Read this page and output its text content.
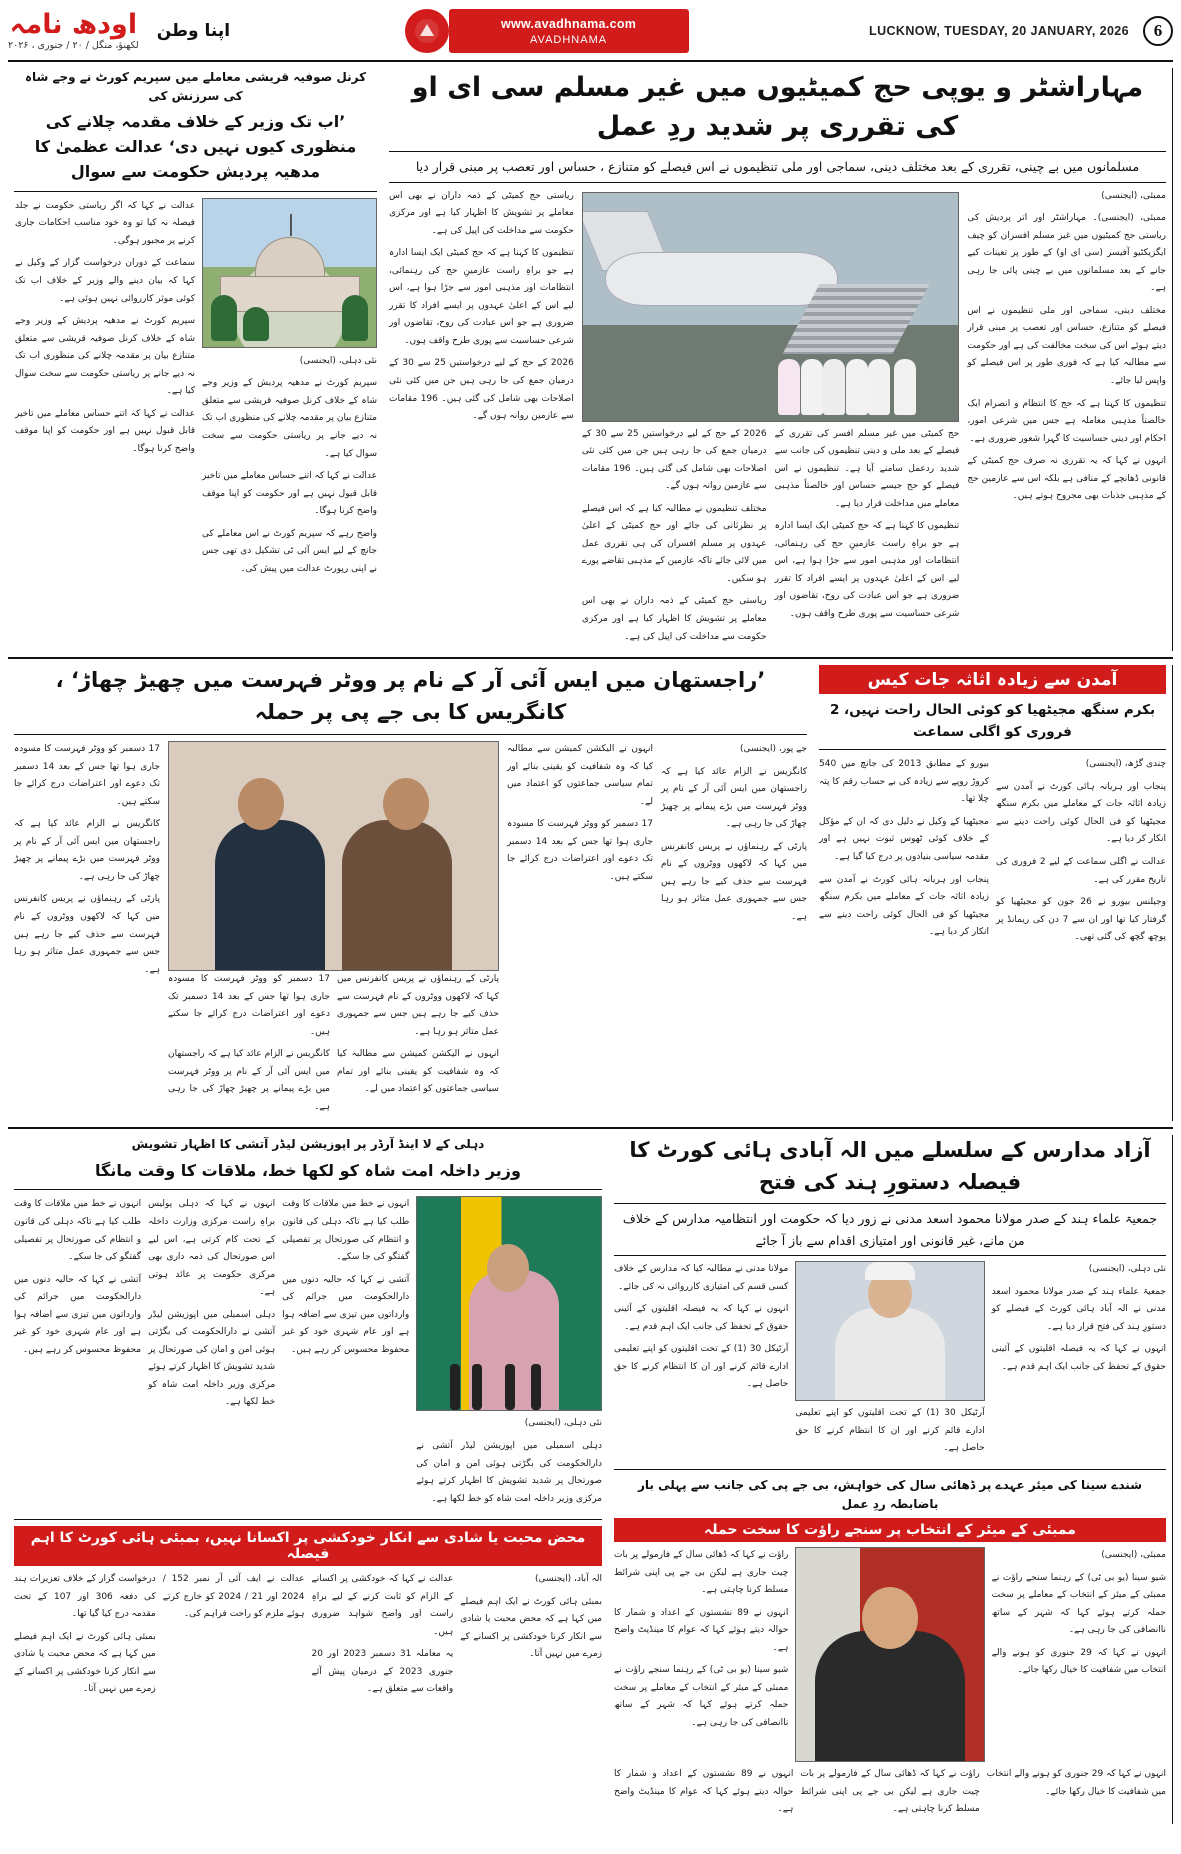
6
LUCKNOW, TUESDAY, 20 JANUARY, 2026
www.avadhnama.com
AVADHNAMA
اپنا وطن
اودھ نامہ
لکھنؤ، منگل / ۲۰ / جنوری ، ۲۰۲۶
مہاراشٹر و یوپی حج کمیٹیوں میں غیر مسلم سی ای او کی تقرری پر شدید ردِ عمل
مسلمانوں میں بے چینی، تقرری کے بعد مختلف دینی، سماجی اور ملی تنظیموں نے اس فیصلے کو متنازع ، حساس اور تعصب پر مبنی قرار دیا

ممبئی، (ایجنسی)

ممبئی، (ایجنسی)۔ مہاراشٹر اور اتر پردیش کی ریاستی حج کمیٹیوں میں غیر مسلم افسران کو چیف ایگزیکٹیو آفیسر (سی ای او) کے طور پر تعینات کیے جانے کے بعد مسلمانوں میں بے چینی پائی جا رہی ہے۔

مختلف دینی، سماجی اور ملی تنظیموں نے اس فیصلے کو متنازع، حساس اور تعصب پر مبنی قرار دیتے ہوئے اس کی سخت مخالفت کی ہے اور حکومت سے مطالبہ کیا ہے کہ فوری طور پر اس فیصلے کو واپس لیا جائے۔

تنظیموں کا کہنا ہے کہ حج کا انتظام و انصرام ایک خالصتاً مذہبی معاملہ ہے جس میں شرعی امور، احکام اور دینی حساسیت کا گہرا شعور ضروری ہے۔

انہوں نے کہا کہ یہ تقرری نہ صرف حج کمیٹی کے قانونی ڈھانچے کے منافی ہے بلکہ اس سے عازمین حج کے مذہبی جذبات بھی مجروح ہوتے ہیں۔

حج کمیٹی میں غیر مسلم افسر کی تقرری کے فیصلے کے بعد ملی و دینی تنظیموں کی جانب سے شدید ردعمل سامنے آیا ہے۔ تنظیموں نے اس فیصلے کو حج جیسے حساس اور خالصتاً مذہبی معاملے میں مداخلت قرار دیا ہے۔

تنظیموں کا کہنا ہے کہ حج کمیٹی ایک ایسا ادارہ ہے جو براہِ راست عازمینِ حج کی رہنمائی، انتظامات اور مذہبی امور سے جڑا ہوا ہے، اس لیے اس کے اعلیٰ عہدوں پر ایسے افراد کا تقرر ضروری ہے جو اس عبادت کی روح، تقاضوں اور شرعی حساسیت سے پوری طرح واقف ہوں۔

2026 کے حج کے لیے درخواستیں 25 سے 30 کے درمیان جمع کی جا رہی ہیں جن میں کئی نئی اصلاحات بھی شامل کی گئی ہیں۔ 196 مقامات سے عازمین روانہ ہوں گے۔

مختلف تنظیموں نے مطالبہ کیا ہے کہ اس فیصلے پر نظرثانی کی جائے اور حج کمیٹی کے اعلیٰ عہدوں پر مسلم افسران کی ہی تقرری عمل میں لائی جائے تاکہ عازمین کے مذہبی تقاضے پورے ہو سکیں۔

ریاستی حج کمیٹی کے ذمہ داران نے بھی اس معاملے پر تشویش کا اظہار کیا ہے اور مرکزی حکومت سے مداخلت کی اپیل کی ہے۔

ریاستی حج کمیٹی کے ذمہ داران نے بھی اس معاملے پر تشویش کا اظہار کیا ہے اور مرکزی حکومت سے مداخلت کی اپیل کی ہے۔

تنظیموں کا کہنا ہے کہ حج کمیٹی ایک ایسا ادارہ ہے جو براہِ راست عازمینِ حج کی رہنمائی، انتظامات اور مذہبی امور سے جڑا ہوا ہے، اس لیے اس کے اعلیٰ عہدوں پر ایسے افراد کا تقرر ضروری ہے جو اس عبادت کی روح، تقاضوں اور شرعی حساسیت سے پوری طرح واقف ہوں۔

2026 کے حج کے لیے درخواستیں 25 سے 30 کے درمیان جمع کی جا رہی ہیں جن میں کئی نئی اصلاحات بھی شامل کی گئی ہیں۔ 196 مقامات سے عازمین روانہ ہوں گے۔

کرنل صوفیہ قریشی معاملے میں سپریم کورٹ نے وجے شاہ کی سرزنش کی
’اب تک وزیر کے خلاف مقدمہ چلانے کی منظوری کیوں نہیں دی‘ عدالت عظمیٰ کا مدھیہ پردیش حکومت سے سوال

نئی دہلی، (ایجنسی)

سپریم کورٹ نے مدھیہ پردیش کے وزیر وجے شاہ کے خلاف کرنل صوفیہ قریشی سے متعلق متنازع بیان پر مقدمہ چلانے کی منظوری اب تک نہ دیے جانے پر ریاستی حکومت سے سخت سوال کیا ہے۔

عدالت نے کہا کہ اتنے حساس معاملے میں تاخیر قابل قبول نہیں ہے اور حکومت کو اپنا موقف واضح کرنا ہوگا۔

واضح رہے کہ سپریم کورٹ نے اس معاملے کی جانچ کے لیے ایس آئی ٹی تشکیل دی تھی جس نے اپنی رپورٹ عدالت میں پیش کی۔

عدالت نے کہا کہ اگر ریاستی حکومت نے جلد فیصلہ نہ کیا تو وہ خود مناسب احکامات جاری کرنے پر مجبور ہوگی۔

سماعت کے دوران درخواست گزار کے وکیل نے کہا کہ بیان دینے والے وزیر کے خلاف اب تک کوئی موثر کارروائی نہیں ہوئی ہے۔

سپریم کورٹ نے مدھیہ پردیش کے وزیر وجے شاہ کے خلاف کرنل صوفیہ قریشی سے متعلق متنازع بیان پر مقدمہ چلانے کی منظوری اب تک نہ دیے جانے پر ریاستی حکومت سے سخت سوال کیا ہے۔

عدالت نے کہا کہ اتنے حساس معاملے میں تاخیر قابل قبول نہیں ہے اور حکومت کو اپنا موقف واضح کرنا ہوگا۔

آمدن سے زیادہ اثاثہ جات کیس
بکرم سنگھ مجیٹھیا کو کوئی الحال راحت نہیں، 2 فروری کو اگلی سماعت

چندی گڑھ، (ایجنسی)

پنجاب اور ہریانہ ہائی کورٹ نے آمدن سے زیادہ اثاثہ جات کے معاملے میں بکرم سنگھ مجیٹھیا کو فی الحال کوئی راحت دینے سے انکار کر دیا ہے۔

عدالت نے اگلی سماعت کے لیے 2 فروری کی تاریخ مقرر کی ہے۔

وجیلنس بیورو نے 26 جون کو مجیٹھیا کو گرفتار کیا تھا اور ان سے 7 دن کی ریمانڈ پر پوچھ گچھ کی گئی تھی۔

بیورو کے مطابق 2013 کی جانچ میں 540 کروڑ روپے سے زیادہ کی بے حساب رقم کا پتہ چلا تھا۔

مجیٹھیا کے وکیل نے دلیل دی کہ ان کے مؤکل کے خلاف کوئی ٹھوس ثبوت نہیں ہے اور مقدمہ سیاسی بنیادوں پر درج کیا گیا ہے۔

پنجاب اور ہریانہ ہائی کورٹ نے آمدن سے زیادہ اثاثہ جات کے معاملے میں بکرم سنگھ مجیٹھیا کو فی الحال کوئی راحت دینے سے انکار کر دیا ہے۔

’راجستھان میں ایس آئی آر کے نام پر ووٹر فہرست میں چھیڑ چھاڑ‘ ، کانگریس کا بی جے پی پر حملہ

جے پور، (ایجنسی)

کانگریس نے الزام عائد کیا ہے کہ راجستھان میں ایس آئی آر کے نام پر ووٹر فہرست میں بڑے پیمانے پر چھیڑ چھاڑ کی جا رہی ہے۔

پارٹی کے رہنماؤں نے پریس کانفرنس میں کہا کہ لاکھوں ووٹروں کے نام فہرست سے حذف کیے جا رہے ہیں جس سے جمہوری عمل متاثر ہو رہا ہے۔

انہوں نے الیکشن کمیشن سے مطالبہ کیا کہ وہ شفافیت کو یقینی بنائے اور تمام سیاسی جماعتوں کو اعتماد میں لے۔

17 دسمبر کو ووٹر فہرست کا مسودہ جاری ہوا تھا جس کے بعد 14 دسمبر تک دعوے اور اعتراضات درج کرائے جا سکتے ہیں۔

پارٹی کے رہنماؤں نے پریس کانفرنس میں کہا کہ لاکھوں ووٹروں کے نام فہرست سے حذف کیے جا رہے ہیں جس سے جمہوری عمل متاثر ہو رہا ہے۔

انہوں نے الیکشن کمیشن سے مطالبہ کیا کہ وہ شفافیت کو یقینی بنائے اور تمام سیاسی جماعتوں کو اعتماد میں لے۔

17 دسمبر کو ووٹر فہرست کا مسودہ جاری ہوا تھا جس کے بعد 14 دسمبر تک دعوے اور اعتراضات درج کرائے جا سکتے ہیں۔

کانگریس نے الزام عائد کیا ہے کہ راجستھان میں ایس آئی آر کے نام پر ووٹر فہرست میں بڑے پیمانے پر چھیڑ چھاڑ کی جا رہی ہے۔

17 دسمبر کو ووٹر فہرست کا مسودہ جاری ہوا تھا جس کے بعد 14 دسمبر تک دعوے اور اعتراضات درج کرائے جا سکتے ہیں۔

کانگریس نے الزام عائد کیا ہے کہ راجستھان میں ایس آئی آر کے نام پر ووٹر فہرست میں بڑے پیمانے پر چھیڑ چھاڑ کی جا رہی ہے۔

پارٹی کے رہنماؤں نے پریس کانفرنس میں کہا کہ لاکھوں ووٹروں کے نام فہرست سے حذف کیے جا رہے ہیں جس سے جمہوری عمل متاثر ہو رہا ہے۔

آزاد مدارس کے سلسلے میں الہ آبادی ہائی کورٹ کا فیصلہ دستورِ ہند کی فتح
جمعیۃ علماء ہند کے صدر مولانا محمود اسعد مدنی نے زور دیا کہ حکومت اور انتظامیہ مدارس کے خلاف من مانے، غیر قانونی اور امتیازی اقدام سے باز آ جائے

نئی دہلی، (ایجنسی)

جمعیۃ علماء ہند کے صدر مولانا محمود اسعد مدنی نے الہ آباد ہائی کورٹ کے فیصلے کو دستورِ ہند کی فتح قرار دیا ہے۔

انہوں نے کہا کہ یہ فیصلہ اقلیتوں کے آئینی حقوق کے تحفظ کی جانب ایک اہم قدم ہے۔

آرٹیکل 30 (1) کے تحت اقلیتوں کو اپنے تعلیمی ادارے قائم کرنے اور ان کا انتظام کرنے کا حق حاصل ہے۔

مولانا مدنی نے مطالبہ کیا کہ مدارس کے خلاف کسی قسم کی امتیازی کارروائی نہ کی جائے۔

انہوں نے کہا کہ یہ فیصلہ اقلیتوں کے آئینی حقوق کے تحفظ کی جانب ایک اہم قدم ہے۔

آرٹیکل 30 (1) کے تحت اقلیتوں کو اپنے تعلیمی ادارے قائم کرنے اور ان کا انتظام کرنے کا حق حاصل ہے۔

شندے سینا کی میئر عہدے پر ڈھائی سال کی خواہش، بی جے پی کی جانب سے پہلی بار باضابطہ ردِ عمل
ممبئی کے میئر کے انتخاب پر سنجے راؤت کا سخت حملہ

ممبئی، (ایجنسی)

شیو سینا (یو بی ٹی) کے رہنما سنجے راؤت نے ممبئی کے میئر کے انتخاب کے معاملے پر سخت حملہ کرتے ہوئے کہا کہ شہر کے ساتھ ناانصافی کی جا رہی ہے۔

انہوں نے کہا کہ 29 جنوری کو ہونے والے انتخاب میں شفافیت کا خیال رکھا جائے۔

راؤت نے کہا کہ ڈھائی سال کے فارمولے پر بات چیت جاری ہے لیکن بی جے پی اپنی شرائط مسلط کرنا چاہتی ہے۔

انہوں نے 89 نشستوں کے اعداد و شمار کا حوالہ دیتے ہوئے کہا کہ عوام کا مینڈیٹ واضح ہے۔

شیو سینا (یو بی ٹی) کے رہنما سنجے راؤت نے ممبئی کے میئر کے انتخاب کے معاملے پر سخت حملہ کرتے ہوئے کہا کہ شہر کے ساتھ ناانصافی کی جا رہی ہے۔

انہوں نے کہا کہ 29 جنوری کو ہونے والے انتخاب میں شفافیت کا خیال رکھا جائے۔

راؤت نے کہا کہ ڈھائی سال کے فارمولے پر بات چیت جاری ہے لیکن بی جے پی اپنی شرائط مسلط کرنا چاہتی ہے۔

انہوں نے 89 نشستوں کے اعداد و شمار کا حوالہ دیتے ہوئے کہا کہ عوام کا مینڈیٹ واضح ہے۔

دہلی کے لا اینڈ آرڈر پر اپوزیشن لیڈر آتشی کا اظہار تشویش
وزیر داخلہ امت شاہ کو لکھا خط، ملاقات کا وقت مانگا

نئی دہلی، (ایجنسی)

دہلی اسمبلی میں اپوزیشن لیڈر آتشی نے دارالحکومت کی بگڑتی ہوئی امن و امان کی صورتحال پر شدید تشویش کا اظہار کرتے ہوئے مرکزی وزیر داخلہ امت شاہ کو خط لکھا ہے۔

انہوں نے خط میں ملاقات کا وقت طلب کیا ہے تاکہ دہلی کی قانون و انتظام کی صورتحال پر تفصیلی گفتگو کی جا سکے۔

آتشی نے کہا کہ حالیہ دنوں میں دارالحکومت میں جرائم کی وارداتوں میں تیزی سے اضافہ ہوا ہے اور عام شہری خود کو غیر محفوظ محسوس کر رہے ہیں۔

انہوں نے کہا کہ دہلی پولیس براہِ راست مرکزی وزارت داخلہ کے تحت کام کرتی ہے، اس لیے اس صورتحال کی ذمہ داری بھی مرکزی حکومت پر عائد ہوتی ہے۔

دہلی اسمبلی میں اپوزیشن لیڈر آتشی نے دارالحکومت کی بگڑتی ہوئی امن و امان کی صورتحال پر شدید تشویش کا اظہار کرتے ہوئے مرکزی وزیر داخلہ امت شاہ کو خط لکھا ہے۔

انہوں نے خط میں ملاقات کا وقت طلب کیا ہے تاکہ دہلی کی قانون و انتظام کی صورتحال پر تفصیلی گفتگو کی جا سکے۔

آتشی نے کہا کہ حالیہ دنوں میں دارالحکومت میں جرائم کی وارداتوں میں تیزی سے اضافہ ہوا ہے اور عام شہری خود کو غیر محفوظ محسوس کر رہے ہیں۔

محض محبت یا شادی سے انکار خودکشی پر اکسانا نہیں، بمبئی ہائی کورٹ کا اہم فیصلہ

الہ آباد، (ایجنسی)

بمبئی ہائی کورٹ نے ایک اہم فیصلے میں کہا ہے کہ محض محبت یا شادی سے انکار کرنا خودکشی پر اکسانے کے زمرے میں نہیں آتا۔

عدالت نے کہا کہ خودکشی پر اکسانے کے الزام کو ثابت کرنے کے لیے براہِ راست اور واضح شواہد ضروری ہیں۔

یہ معاملہ 31 دسمبر 2023 اور 20 جنوری 2023 کے درمیان پیش آئے واقعات سے متعلق ہے۔

عدالت نے ایف آئی آر نمبر 152 / 2024 اور 21 / 2024 کو خارج کرتے ہوئے ملزم کو راحت فراہم کی۔

درخواست گزار کے خلاف تعزیرات ہند کی دفعہ 306 اور 107 کے تحت مقدمہ درج کیا گیا تھا۔

بمبئی ہائی کورٹ نے ایک اہم فیصلے میں کہا ہے کہ محض محبت یا شادی سے انکار کرنا خودکشی پر اکسانے کے زمرے میں نہیں آتا۔
